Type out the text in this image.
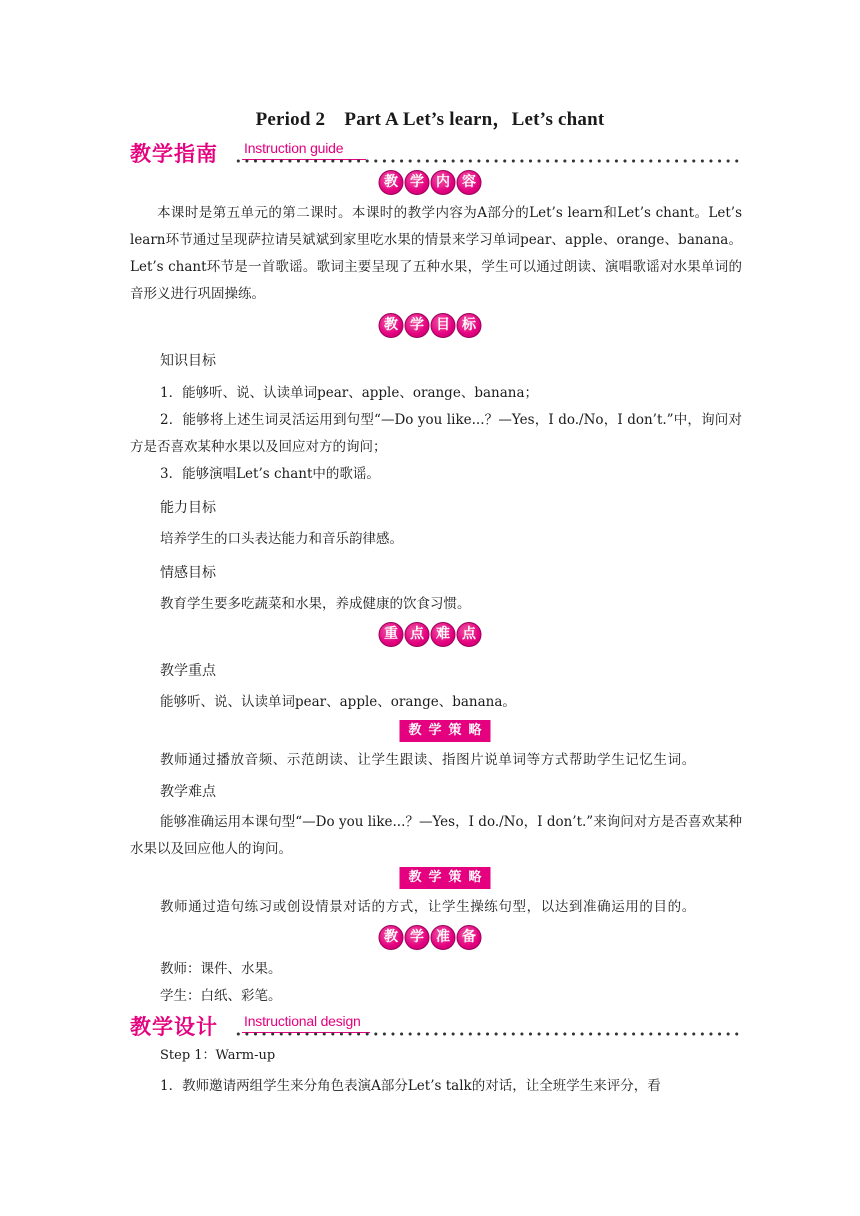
Period 2　Part A Let’s learn，Let’s chant
教学指南 Instruction guide
教 学 内 容
本课时是第五单元的第二课时。本课时的教学内容为A部分的Let’s learn和Let’s chant。Let’s learn环节通过呈现萨拉请吴斌斌到家里吃水果的情景来学习单词pear、apple、orange、banana。Let’s chant环节是一首歌谣。歌词主要呈现了五种水果，学生可以通过朗读、演唱歌谣对水果单词的音形义进行巩固操练。
教 学 目 标
知识目标
1．能够听、说、认读单词pear、apple、orange、banana；
2．能够将上述生词灵活运用到句型“—Do you like...？—Yes，I do./No，I don’t.”中，询问对方是否喜欢某种水果以及回应对方的询问；
3．能够演唱Let’s chant中的歌谣。
能力目标
培养学生的口头表达能力和音乐韵律感。
情感目标
教育学生要多吃蔬菜和水果，养成健康的饮食习惯。
重 点 难 点
教学重点
能够听、说、认读单词pear、apple、orange、banana。
教学策略
教师通过播放音频、示范朗读、让学生跟读、指图片说单词等方式帮助学生记忆生词。
教学难点
能够准确运用本课句型“—Do you like...？—Yes，I do./No，I don’t.”来询问对方是否喜欢某种水果以及回应他人的询问。
教学策略
教师通过造句练习或创设情景对话的方式，让学生操练句型，以达到准确运用的目的。
教 学 准 备
教师：课件、水果。
学生：白纸、彩笔。
教学设计 Instructional design
Step 1：Warm-up
1．教师邀请两组学生来分角色表演A部分Let’s talk的对话，让全班学生来评分，看
